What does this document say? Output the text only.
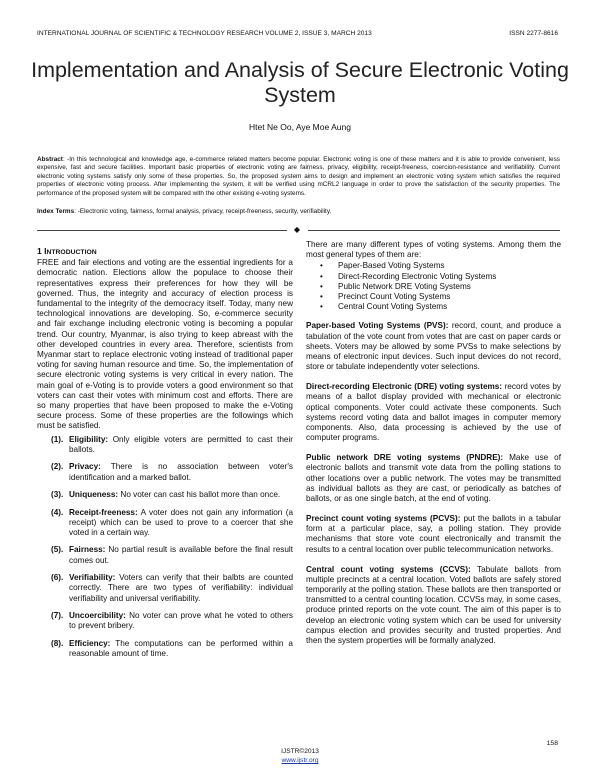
INTERNATIONAL JOURNAL OF SCIENTIFIC & TECHNOLOGY RESEARCH VOLUME 2, ISSUE 3, MARCH 2013	ISSN 2277-8616
Implementation and Analysis of Secure Electronic Voting System
Htet Ne Oo, Aye Moe Aung
Abstract: -In this technological and knowledge age, e-commerce related matters become popular. Electronic voting is one of these matters and it is able to provide convenient, less expensive, fast and secure facilities. Important basic properties of electronic voting are fairness, privacy, eligibility, receipt-freeness, coercion-resistance and verifiability. Current electronic voting systems satisfy only some of these properties. So, the proposed system aims to design and implement an electronic voting system which satisfies the required properties of electronic voting process. After implementing the system, it will be verified using mCRL2 language in order to prove the satisfaction of the security properties. The performance of the proposed system will be compared with the other existing e-voting systems.
Index Terms: -Electronic voting, fairness, formal analysis, privacy, receipt-freeness, security, verifiability.
◆
1 INTRODUCTION
FREE and fair elections and voting are the essential ingredients for a democratic nation. Elections allow the populace to choose their representatives express their preferences for how they will be governed. Thus, the integrity and accuracy of election process is fundamental to the integrity of the democracy itself. Today, many new technological innovations are developing. So, e-commerce security and fair exchange including electronic voting is becoming a popular trend. Our country, Myanmar, is also trying to keep abreast with the other developed countries in every area. Therefore, scientists from Myanmar start to replace electronic voting instead of traditional paper voting for saving human resource and time. So, the implementation of secure electronic voting systems is very critical in every nation. The main goal of e-Voting is to provide voters a good environment so that voters can cast their votes with minimum cost and efforts. There are so many properties that have been proposed to make the e-Voting secure process. Some of these properties are the followings which must be satisfied.
(1). Eligibility: Only eligible voters are permitted to cast their ballots.
(2). Privacy: There is no association between voter's identification and a marked ballot.
(3). Uniqueness: No voter can cast his ballot more than once.
(4). Receipt-freeness: A voter does not gain any information (a receipt) which can be used to prove to a coercer that she voted in a certain way.
(5). Fairness: No partial result is available before the final result comes out.
(6). Verifiability: Voters can verify that their balbts are counted correctly. There are two types of verifiability: individual verifiability and universal verifiability.
(7). Uncoercibility: No voter can prove what he voted to others to prevent bribery.
(8). Efficiency: The computations can be performed within a reasonable amount of time.
There are many different types of voting systems. Among them the most general types of them are:
• Paper-Based Voting Systems
• Direct-Recording Electronic Voting Systems
• Public Network DRE Voting Systems
• Precinct Count Voting Systems
• Central Count Voting Systems

Paper-based Voting Systems (PVS): record, count, and produce a tabulation of the vote count from votes that are cast on paper cards or sheets. Voters may be allowed by some PVSs to make selections by means of electronic input devices. Such input devices do not record, store or tabulate independently voter selections.

Direct-recording Electronic (DRE) voting systems: record votes by means of a ballot display provided with mechanical or electronic optical components. Voter could activate these components. Such systems record voting data and ballot images in computer memory components. Also, data processing is achieved by the use of computer programs.

Public network DRE voting systems (PNDRE): Make use of electronic ballots and transmit vote data from the polling stations to other locations over a public network. The votes may be transmitted as individual ballots as they are cast, or periodically as batches of ballots, or as one single batch, at the end of voting.

Precinct count voting systems (PCVS): put the ballots in a tabular form at a particular place, say, a polling station. They provide mechanisms that store vote count electronically and transmit the results to a central location over public telecommunication networks.

Central count voting systems (CCVS): Tabulate ballots from multiple precincts at a central location. Voted ballots are safely stored temporarily at the polling station. These ballots are then transported or transmitted to a central counting location. CCVSs may, in some cases, produce printed reports on the vote count. The aim of this paper is to develop an electronic voting system which can be used for university campus election and provides security and trusted properties. And then the system properties will be formally analyzed.

158
IJSTR©2013
www.ijstr.org
